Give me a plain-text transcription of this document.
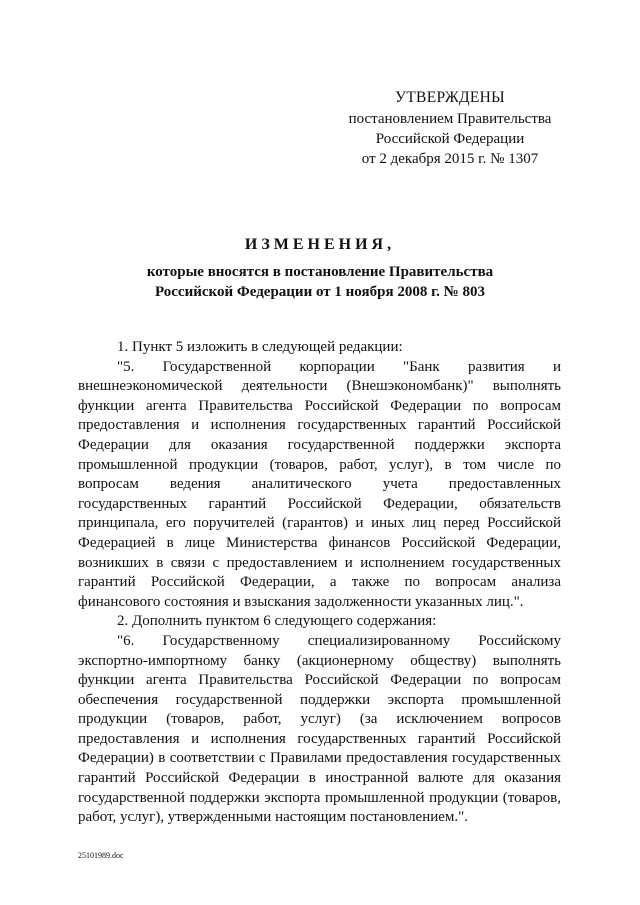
УТВЕРЖДЕНЫ
постановлением Правительства
Российской Федерации
от 2 декабря 2015 г. № 1307
ИЗМЕНЕНИЯ,
которые вносятся в постановление Правительства
Российской Федерации от 1 ноября 2008 г. № 803

1. Пункт 5 изложить в следующей редакции:

"5. Государственной корпорации "Банк развития и внешнеэкономической деятельности (Внешэкономбанк)" выполнять функции агента Правительства Российской Федерации по вопросам предоставления и исполнения государственных гарантий Российской Федерации для оказания государственной поддержки экспорта промышленной продукции (товаров, работ, услуг), в том числе по вопросам ведения аналитического учета предоставленных государственных гарантий Российской Федерации, обязательств принципала, его поручителей (гарантов) и иных лиц перед Российской Федерацией в лице Министерства финансов Российской Федерации, возникших в связи с предоставлением и исполнением государственных гарантий Российской Федерации, а также по вопросам анализа финансового состояния и взыскания задолженности указанных лиц.".

2. Дополнить пунктом 6 следующего содержания:

"6. Государственному специализированному Российскому экспортно-импортному банку (акционерному обществу) выполнять функции агента Правительства Российской Федерации по вопросам обеспечения государственной поддержки экспорта промышленной продукции (товаров, работ, услуг) (за исключением вопросов предоставления и исполнения государственных гарантий Российской Федерации) в соответствии с Правилами предоставления государственных гарантий Российской Федерации в иностранной валюте для оказания государственной поддержки экспорта промышленной продукции (товаров, работ, услуг), утвержденными настоящим постановлением.".

25101989.doc
